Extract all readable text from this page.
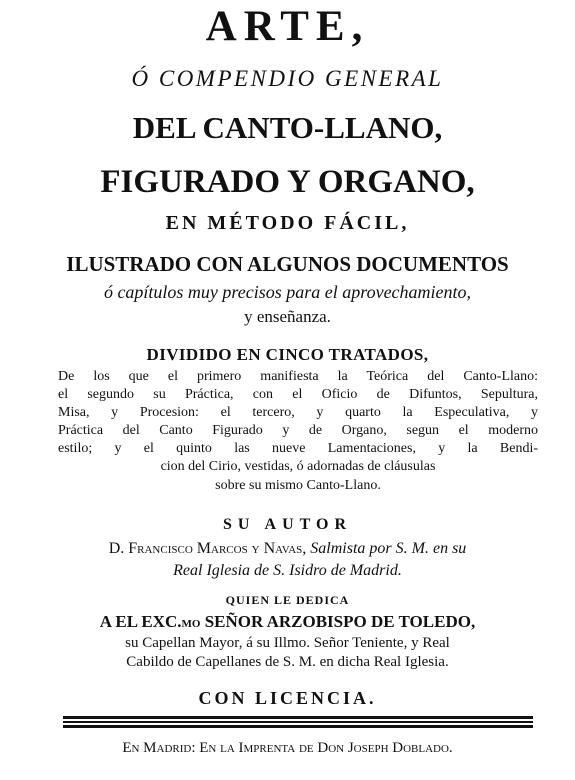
ARTE,
Ó COMPENDIO GENERAL
DEL CANTO-LLANO,
FIGURADO Y ORGANO,
EN MÉTODO FÁCIL,
ILUSTRADO CON ALGUNOS DOCUMENTOS
ó capítulos muy precisos para el aprovechamiento,
y enseñanza.
DIVIDIDO EN CINCO TRATADOS,
De los que el primero manifiesta la Teórica del Canto-Llano:
el segundo su Práctica, con el Oficio de Difuntos, Sepultura,
Misa, y Procesion: el tercero, y quarto la Especulativa, y
Práctica del Canto Figurado y de Organo, segun el moderno
estilo; y el quinto las nueve Lamentaciones, y la Bendi-
cion del Cirio, vestidas, ó adornadas de cláusulas
sobre su mismo Canto-Llano.
SU AUTOR
D. Francisco Marcos y Navas, Salmista por S. M. en su
Real Iglesia de S. Isidro de Madrid.
QUIEN LE DEDICA
A EL EXC.MO SEÑOR ARZOBISPO DE TOLEDO,
su Capellan Mayor, á su Illmo. Señor Teniente, y Real
Cabildo de Capellanes de S. M. en dicha Real Iglesia.
CON LICENCIA.
En Madrid: En la Imprenta de Don Joseph Doblado.
